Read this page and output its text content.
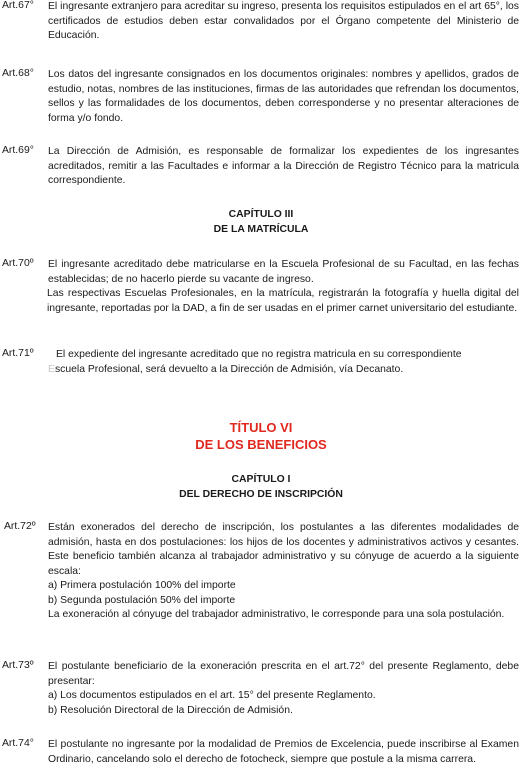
Art.67° El ingresante extranjero para acreditar su ingreso, presenta los requisitos estipulados en el art 65°, los certificados de estudios deben estar convalidados por el Órgano competente del Ministerio de Educación.

Art.68° Los datos del ingresante consignados en los documentos originales: nombres y apellidos, grados de estudio, notas, nombres de las instituciones, firmas de las autoridades que refrendan los documentos, sellos y las formalidades de los documentos, deben corresponderse y no presentar alteraciones de forma y/o fondo.

Art.69° La Dirección de Admisión, es responsable de formalizar los expedientes de los ingresantes acreditados, remitir a las Facultades e informar a la Dirección de Registro Técnico para la matricula correspondiente.

CAPÍTULO III
DE LA MATRÍCULA
Art.70º El ingresante acreditado debe matricularse en la Escuela Profesional de su Facultad, en las fechas establecidas; de no hacerlo pierde su vacante de ingreso.

Las respectivas Escuelas Profesionales, en la matrícula, registrarán la fotografía y huella digital del ingresante, reportadas por la DAD, a fin de ser usadas en el primer carnet universitario del estudiante.

Art.71º	El expediente del ingresante acreditado que no registra matricula en su correspondiente

Escuela Profesional, será devuelto a la Dirección de Admisión, vía Decanato.

TÍTULO VI
DE LOS BENEFICIOS
CAPÍTULO I
DEL DERECHO DE INSCRIPCIÓN
Art.72º Están exonerados del derecho de inscripción, los postulantes a las diferentes modalidades de admisión, hasta en dos postulaciones: los hijos de los docentes y administrativos activos y cesantes. Este beneficio también alcanza al trabajador administrativo y su cónyuge de acuerdo a la siguiente escala:

a) Primera postulación 100% del importe

b) Segunda postulación 50% del importe

La exoneración al cónyuge del trabajador administrativo, le corresponde para una sola postulación.

Art.73º El postulante beneficiario de la exoneración prescrita en el art.72° del presente Reglamento, debe presentar:

a) Los documentos estipulados en el art. 15° del presente Reglamento.

b) Resolución Directoral de la Dirección de Admisión.

Art.74° El postulante no ingresante por la modalidad de Premios de Excelencia, puede inscribirse al Examen Ordinario, cancelando solo el derecho de fotocheck, siempre que postule a la misma carrera.
